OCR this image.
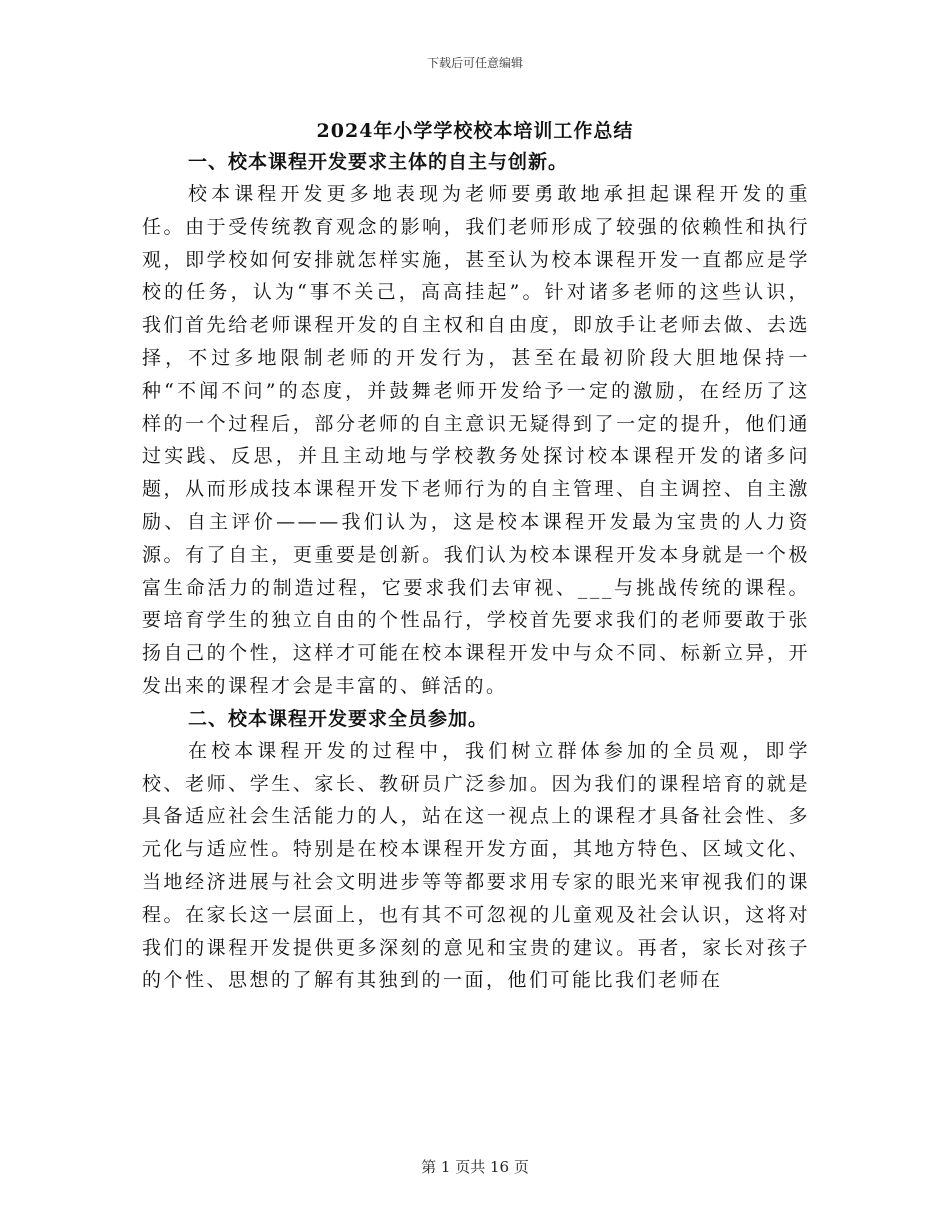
下载后可任意编辑
2024年小学学校校本培训工作总结

一、校本课程开发要求主体的自主与创新。

校本课程开发更多地表现为老师要勇敢地承担起课程开发的重任。由于受传统教育观念的影响，我们老师形成了较强的依赖性和执行观，即学校如何安排就怎样实施，甚至认为校本课程开发一直都应是学校的任务，认为“事不关己，高高挂起”。针对诸多老师的这些认识，我们首先给老师课程开发的自主权和自由度，即放手让老师去做、去选择，不过多地限制老师的开发行为，甚至在最初阶段大胆地保持一种“不闻不问”的态度，并鼓舞老师开发给予一定的激励，在经历了这样的一个过程后，部分老师的自主意识无疑得到了一定的提升，他们通过实践、反思，并且主动地与学校教务处探讨校本课程开发的诸多问题，从而形成技本课程开发下老师行为的自主管理、自主调控、自主激励、自主评价———我们认为，这是校本课程开发最为宝贵的人力资源。有了自主，更重要是创新。我们认为校本课程开发本身就是一个极富生命活力的制造过程，它要求我们去审视、___与挑战传统的课程。要培育学生的独立自由的个性品行，学校首先要求我们的老师要敢于张扬自己的个性，这样才可能在校本课程开发中与众不同、标新立异，开发出来的课程才会是丰富的、鲜活的。

二、校本课程开发要求全员参加。

在校本课程开发的过程中，我们树立群体参加的全员观，即学校、老师、学生、家长、教研员广泛参加。因为我们的课程培育的就是具备适应社会生活能力的人，站在这一视点上的课程才具备社会性、多元化与适应性。特别是在校本课程开发方面，其地方特色、区域文化、当地经济进展与社会文明进步等等都要求用专家的眼光来审视我们的课程。在家长这一层面上，也有其不可忽视的儿童观及社会认识，这将对我们的课程开发提供更多深刻的意见和宝贵的建议。再者，家长对孩子的个性、思想的了解有其独到的一面，他们可能比我们老师在

第 1 页共 16 页
